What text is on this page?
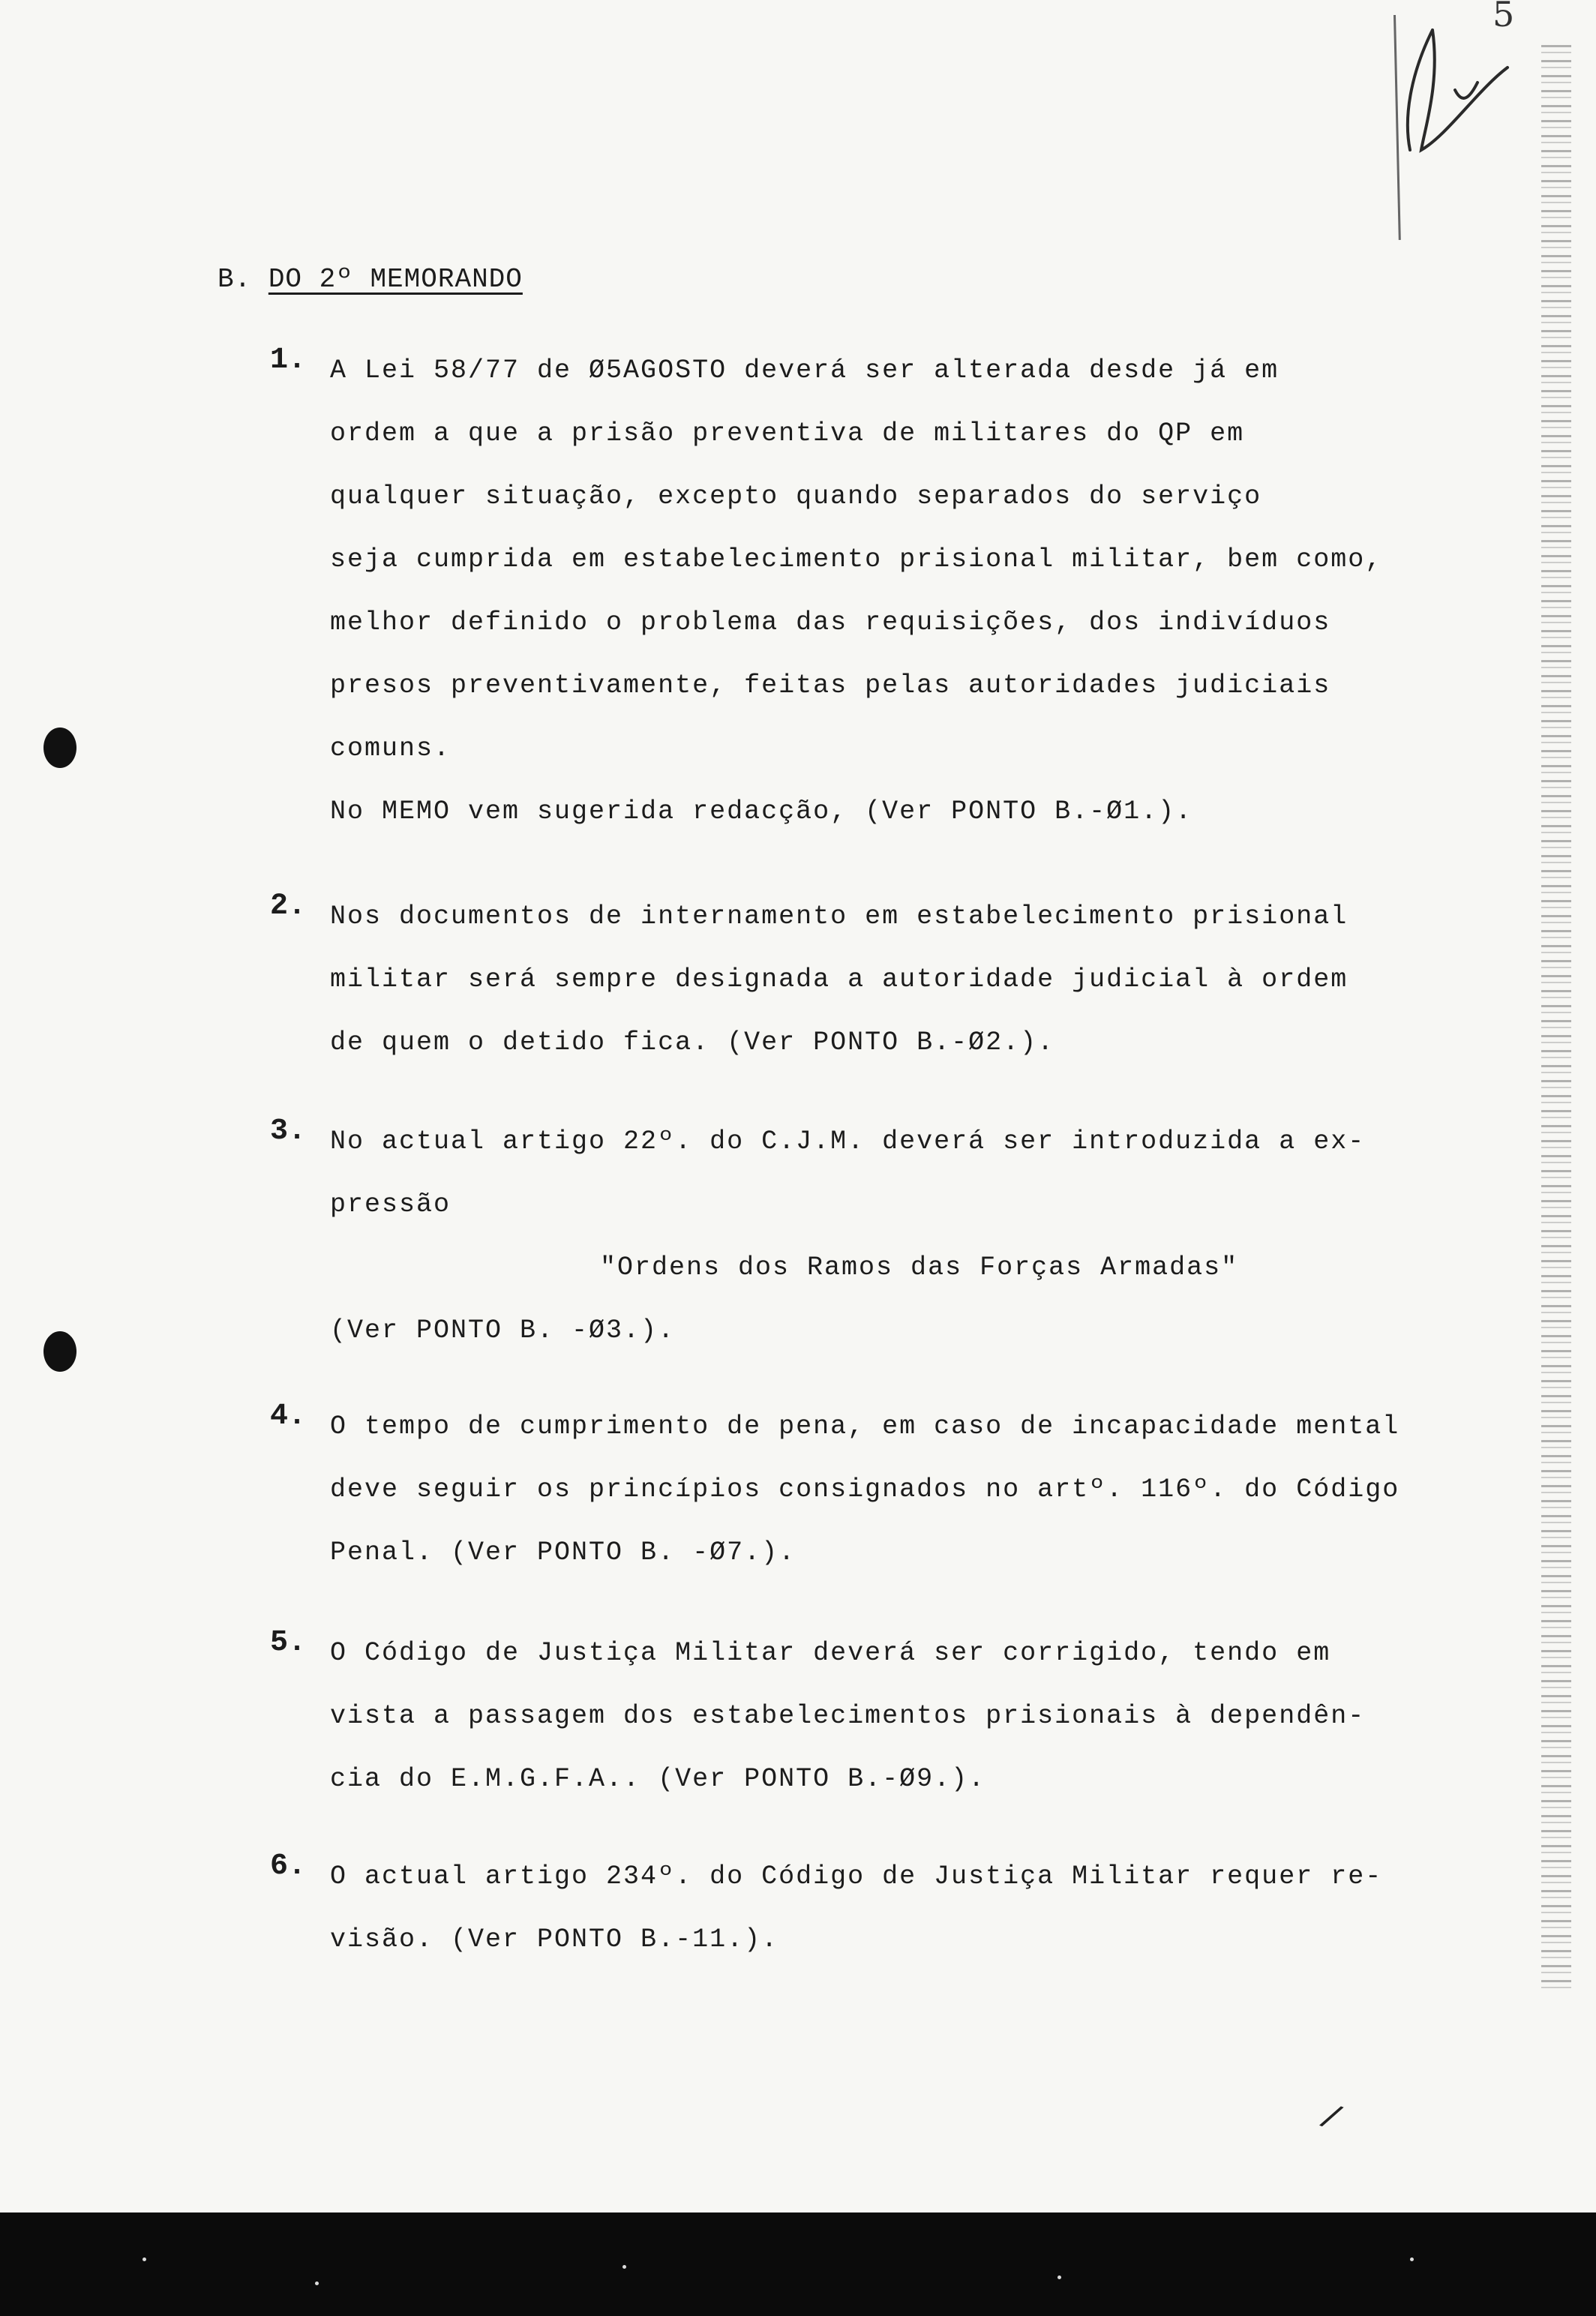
5
B. DO 2º MEMORANDO
1. A Lei 58/77 de Ø5AGOSTO deverá ser alterada desde já em
ordem a que a prisão preventiva de militares do QP em
qualquer situação, excepto quando separados do serviço
seja cumprida em estabelecimento prisional militar, bem como,
melhor definido o problema das requisições, dos indivíduos
presos preventivamente, feitas pelas autoridades judiciais
comuns.
No MEMO vem sugerida redacção, (Ver PONTO B.-Ø1.).
2. Nos documentos de internamento em estabelecimento prisional
militar será sempre designada a autoridade judicial à ordem
de quem o detido fica. (Ver PONTO B.-Ø2.).
3. No actual artigo 22º. do C.J.M. deverá ser introduzida a ex-
pressão
"Ordens dos Ramos das Forças Armadas"
(Ver PONTO B. -Ø3.).
4. O tempo de cumprimento de pena, em caso de incapacidade mental
deve seguir os princípios consignados no artº. 116º. do Código
Penal. (Ver PONTO B. -Ø7.).
5. O Código de Justiça Militar deverá ser corrigido, tendo em
vista a passagem dos estabelecimentos prisionais à dependên-
cia do E.M.G.F.A.. (Ver PONTO B.-Ø9.).
6. O actual artigo 234º. do Código de Justiça Militar requer re-
visão. (Ver PONTO B.-11.).
/
